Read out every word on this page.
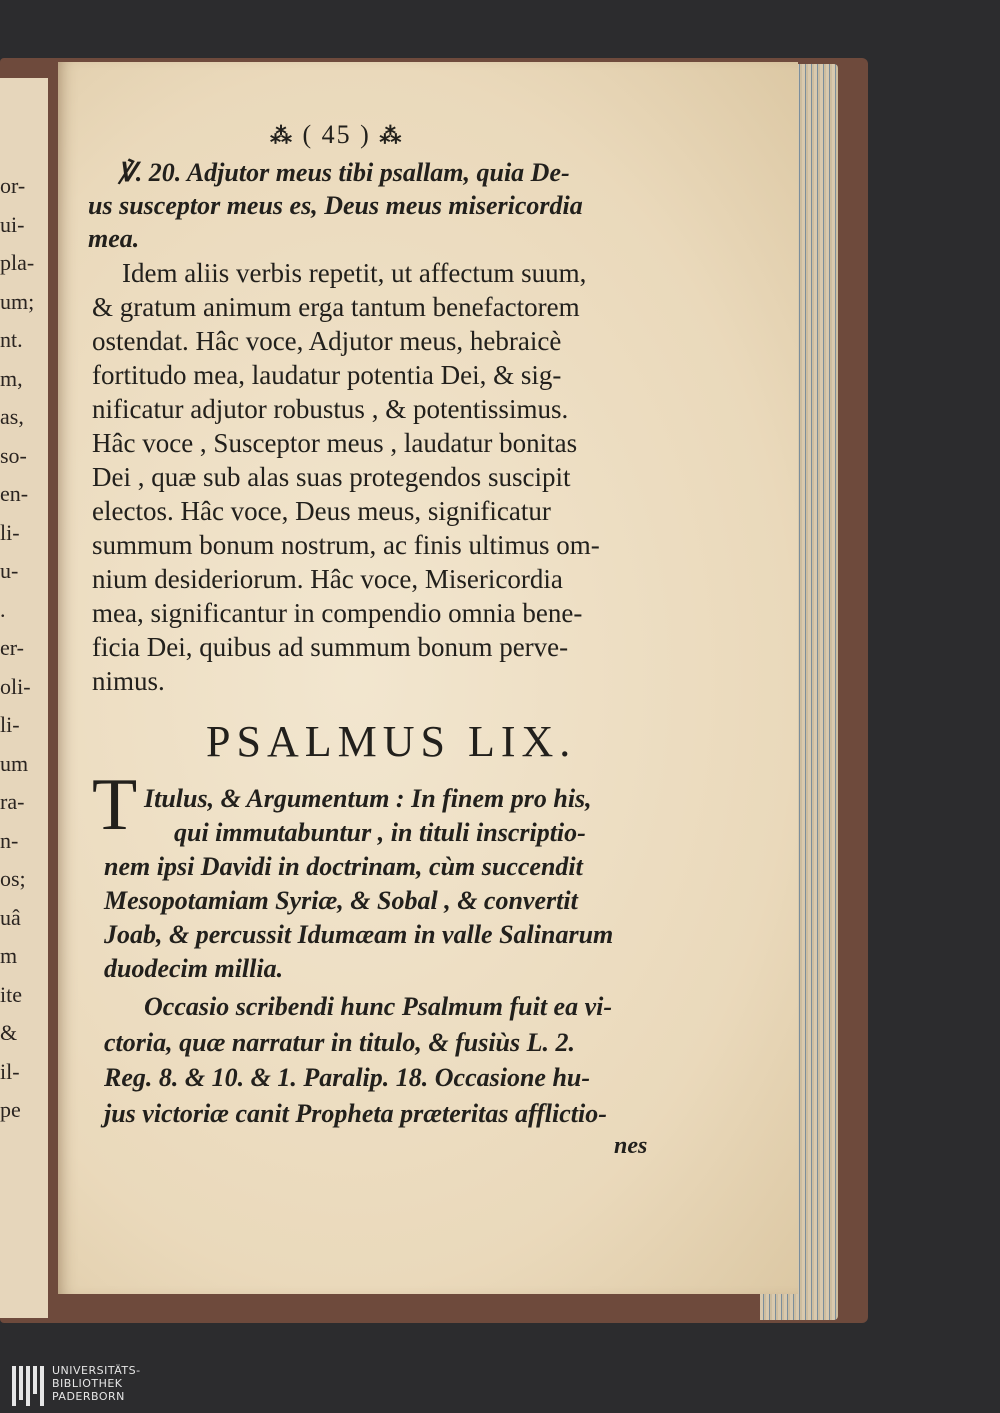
or-
ui-
pla-
um;
nt.
m,
as,
so-
en-
li-
u-
.
er-
oli-
li-
um
ra-
n-
os;
uâ
m
ite
&
il-
pe
⁂ ( 45 ) ⁂
℣. 20. Adjutor meus tibi psallam, quia De-
us susceptor meus es, Deus meus misericordia
mea.
Idem aliis verbis repetit, ut affectum suum,
& gratum animum erga tantum benefactorem
ostendat. Hâc voce, Adjutor meus, hebraicè
fortitudo mea, laudatur potentia Dei, & sig-
nificatur adjutor robustus , & potentissimus.
Hâc voce , Susceptor meus , laudatur bonitas
Dei , quæ sub alas suas protegendos suscipit
electos. Hâc voce, Deus meus, significatur
summum bonum nostrum, ac finis ultimus om-
nium desideriorum. Hâc voce, Misericordia
mea, significantur in compendio omnia bene-
ficia Dei, quibus ad summum bonum perve-
nimus.
PSALMUS LIX.
T Itulus, & Argumentum : In finem pro his,
qui immutabuntur , in tituli inscriptio-
nem ipsi Davidi in doctrinam, cùm succendit
Mesopotamiam Syriæ, & Sobal , & convertit
Joab, & percussit Idumæam in valle Salinarum
duodecim millia.
Occasio scribendi hunc Psalmum fuit ea vi-
ctoria, quæ narratur in titulo, & fusiùs L. 2.
Reg. 8. & 10. & 1. Paralip. 18. Occasione hu-
jus victoriæ canit Propheta præteritas afflictio-
nes
UNIVERSITÄTS-
BIBLIOTHEK
PADERBORN
